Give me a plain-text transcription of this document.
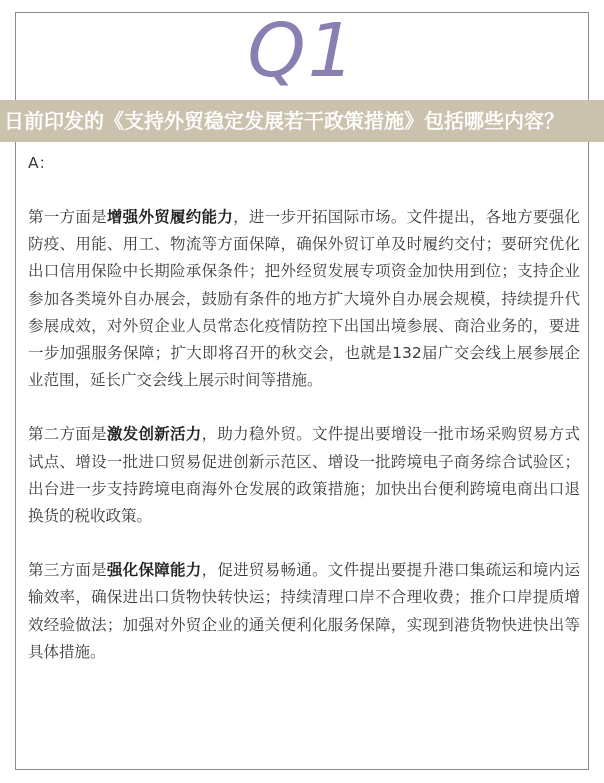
Q1
日前印发的《支持外贸稳定发展若干政策措施》包括哪些内容？

A：

第一方面是增强外贸履约能力，进一步开拓国际市场。文件提出，各地方要强化防疫、用能、用工、物流等方面保障，确保外贸订单及时履约交付；要研究优化出口信用保险中长期险承保条件；把外经贸发展专项资金加快用到位；支持企业参加各类境外自办展会，鼓励有条件的地方扩大境外自办展会规模，持续提升代参展成效，对外贸企业人员常态化疫情防控下出国出境参展、商洽业务的，要进一步加强服务保障；扩大即将召开的秋交会，也就是132届广交会线上展参展企业范围，延长广交会线上展示时间等措施。

第二方面是激发创新活力，助力稳外贸。文件提出要增设一批市场采购贸易方式试点、增设一批进口贸易促进创新示范区、增设一批跨境电子商务综合试验区；出台进一步支持跨境电商海外仓发展的政策措施；加快出台便利跨境电商出口退换货的税收政策。

第三方面是强化保障能力，促进贸易畅通。文件提出要提升港口集疏运和境内运输效率，确保进出口货物快转快运；持续清理口岸不合理收费；推介口岸提质增效经验做法；加强对外贸企业的通关便利化服务保障，实现到港货物快进快出等具体措施。
